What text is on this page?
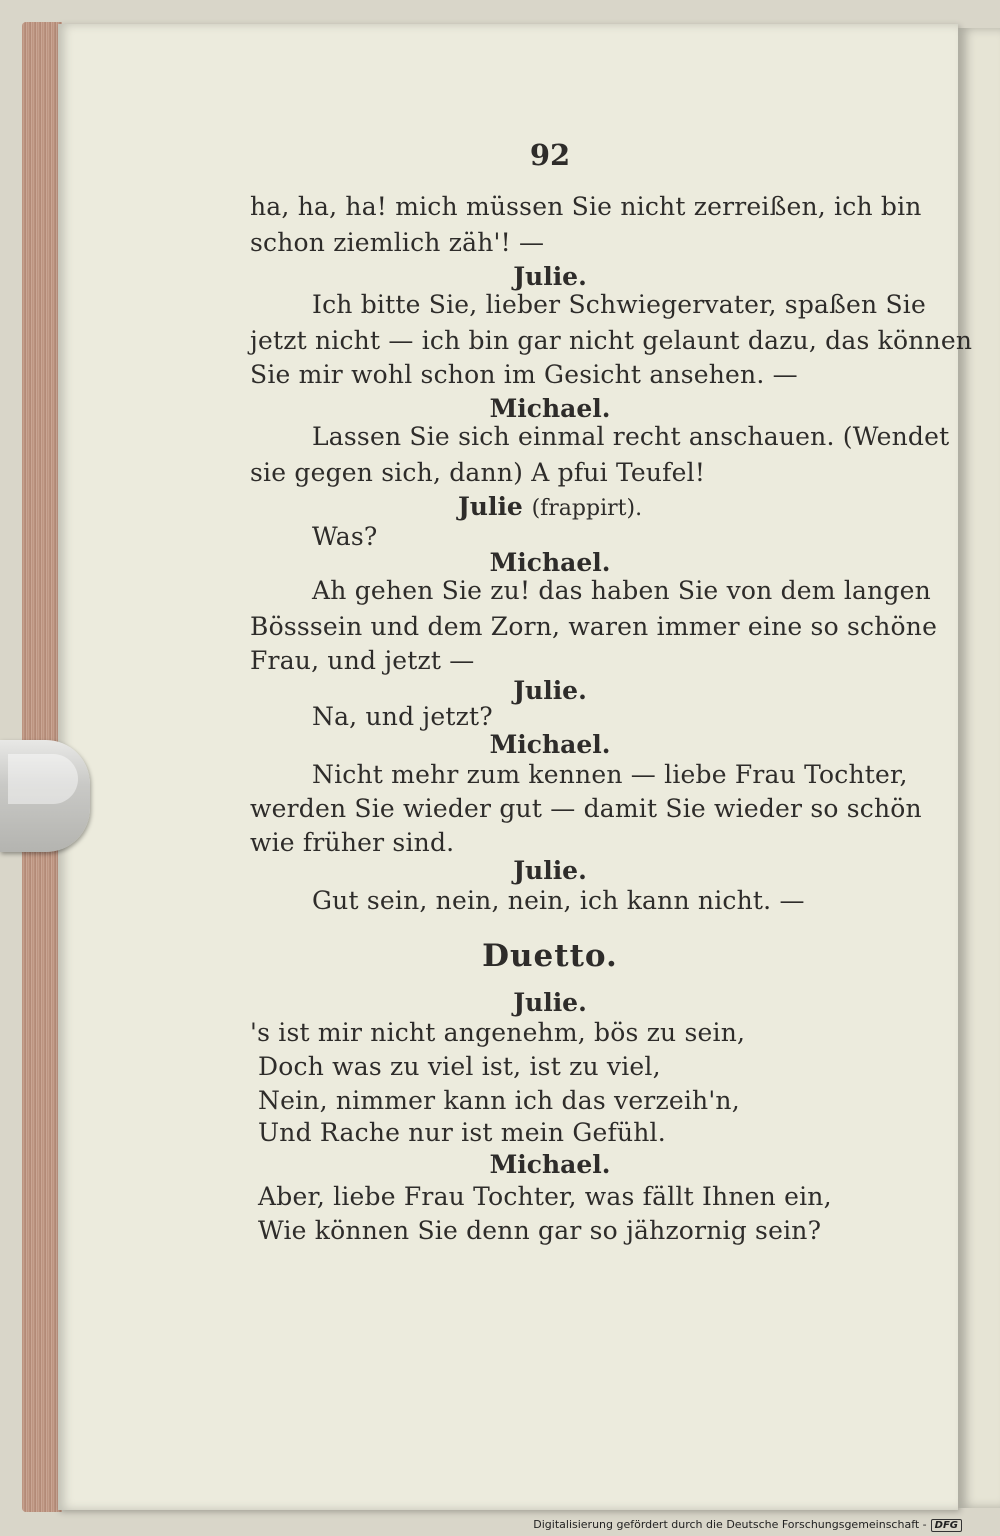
92
ha, ha, ha! mich müssen Sie nicht zerreißen, ich bin
schon ziemlich zäh'! —
Julie.
Ich bitte Sie, lieber Schwiegervater, spaßen Sie
jetzt nicht — ich bin gar nicht gelaunt dazu, das können
Sie mir wohl schon im Gesicht ansehen. —
Michael.
Lassen Sie sich einmal recht anschauen. (Wendet
sie gegen sich, dann) A pfui Teufel!
Julie (frappirt).
Was?
Michael.
Ah gehen Sie zu! das haben Sie von dem langen
Bösssein und dem Zorn, waren immer eine so schöne
Frau, und jetzt —
Julie.
Na, und jetzt?
Michael.
Nicht mehr zum kennen — liebe Frau Tochter,
werden Sie wieder gut — damit Sie wieder so schön
wie früher sind.
Julie.
Gut sein, nein, nein, ich kann nicht. —
Duetto.
Julie.
's ist mir nicht angenehm, bös zu sein,
Doch was zu viel ist, ist zu viel,
Nein, nimmer kann ich das verzeih'n,
Und Rache nur ist mein Gefühl.
Michael.
Aber, liebe Frau Tochter, was fällt Ihnen ein,
Wie können Sie denn gar so jähzornig sein?
Digitalisierung gefördert durch die Deutsche Forschungsgemeinschaft - DFG
